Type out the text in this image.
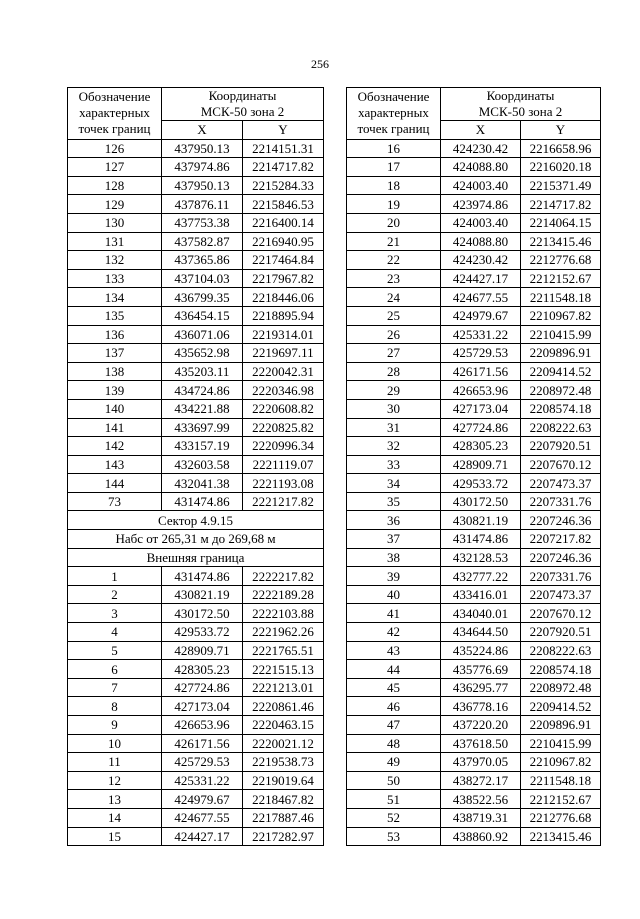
256
Обозначение
характерных
точек границ	Координаты
МСК-50 зона 2	

	X	Y
126	437950.13	2214151.31
127	437974.86	2214717.82
128	437950.13	2215284.33
129	437876.11	2215846.53
130	437753.38	2216400.14
131	437582.87	2216940.95
132	437365.86	2217464.84
133	437104.03	2217967.82
134	436799.35	2218446.06
135	436454.15	2218895.94
136	436071.06	2219314.01
137	435652.98	2219697.11
138	435203.11	2220042.31
139	434724.86	2220346.98
140	434221.88	2220608.82
141	433697.99	2220825.82
142	433157.19	2220996.34
143	432603.58	2221119.07
144	432041.38	2221193.08
73	431474.86	2221217.82
Сектор 4.9.15		
Набс от 265,31 м до 269,68 м		
Внешняя граница		
1	431474.86	2222217.82
2	430821.19	2222189.28
3	430172.50	2222103.88
4	429533.72	2221962.26
5	428909.71	2221765.51
6	428305.23	2221515.13
7	427724.86	2221213.01
8	427173.04	2220861.46
9	426653.96	2220463.15
10	426171.56	2220021.12
11	425729.53	2219538.73
12	425331.22	2219019.64
13	424979.67	2218467.82
14	424677.55	2217887.46
15	424427.17	2217282.97
Обозначение
характерных
точек границ	Координаты
МСК-50 зона 2	

	X	Y
16	424230.42	2216658.96
17	424088.80	2216020.18
18	424003.40	2215371.49
19	423974.86	2214717.82
20	424003.40	2214064.15
21	424088.80	2213415.46
22	424230.42	2212776.68
23	424427.17	2212152.67
24	424677.55	2211548.18
25	424979.67	2210967.82
26	425331.22	2210415.99
27	425729.53	2209896.91
28	426171.56	2209414.52
29	426653.96	2208972.48
30	427173.04	2208574.18
31	427724.86	2208222.63
32	428305.23	2207920.51
33	428909.71	2207670.12
34	429533.72	2207473.37
35	430172.50	2207331.76
36	430821.19	2207246.36
37	431474.86	2207217.82
38	432128.53	2207246.36
39	432777.22	2207331.76
40	433416.01	2207473.37
41	434040.01	2207670.12
42	434644.50	2207920.51
43	435224.86	2208222.63
44	435776.69	2208574.18
45	436295.77	2208972.48
46	436778.16	2209414.52
47	437220.20	2209896.91
48	437618.50	2210415.99
49	437970.05	2210967.82
50	438272.17	2211548.18
51	438522.56	2212152.67
52	438719.31	2212776.68
53	438860.92	2213415.46
